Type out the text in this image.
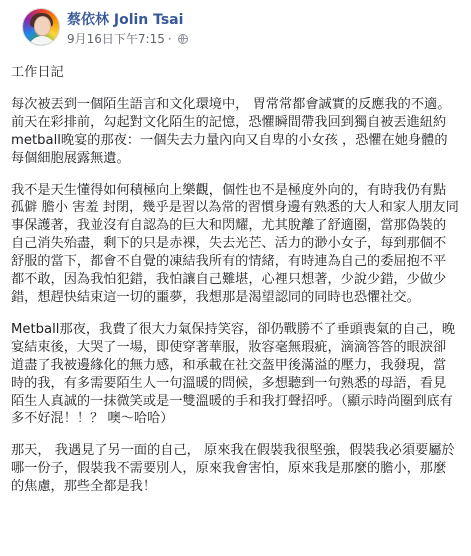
蔡依林 Jolin Tsai
9月16日下午7:15 ·

工作日記

每次被丟到一個陌生語言和文化環境中， 胃常常都會誠實的反應我的不適。
前天在彩排前，勾起對文化陌生的記憶，恐懼瞬間帶我回到獨自被丟進紐約metball晚宴的那夜：一個失去力量內向又自卑的小女孩 ，恐懼在她身體的每個細胞展露無遺。

我不是天生懂得如何積極向上樂觀，個性也不是極度外向的，有時我仍有點孤僻 膽小 害羞 封閉，幾乎是習以為常的習慣身邊有熟悉的大人和家人朋友同事保護著，我並沒有自認為的巨大和閃耀，尤其脫離了舒適圈，當那偽裝的自己消失殆盡，剩下的只是赤裸，失去光芒、活力的渺小女子，每到那個不舒服的當下，都會不自覺的凍結我所有的情緒，有時連為自己的委屈抱不平都不敢，因為我怕犯錯，我怕讓自己難堪，心裡只想著，少說少錯，少做少錯，想趕快結束這一切的噩夢，我想那是渴望認同的同時也恐懼社交。

Metball那夜，我費了很大力氣保持笑容，卻仍戰勝不了垂頭喪氣的自己，晚宴結束後，大哭了一場，即使穿著華服，妝容毫無瑕疵，滴滴答答的眼淚卻道盡了我被邊緣化的無力感，和承載在社交盔甲後滿溢的壓力，我發現，當時的我，有多需要陌生人一句溫暖的問候，多想聽到一句熟悉的母語，看見陌生人真誠的一抹微笑或是一雙溫暖的手和我打聲招呼。（顯示時尚圈到底有多不好混！！？ 噢～哈哈）

那天， 我遇見了另一面的自己， 原來我在假裝我很堅強，假裝我必須要屬於哪一份子，假裝我不需要別人，原來我會害怕，原來我是那麼的膽小，那麼的焦慮，那些全都是我！
